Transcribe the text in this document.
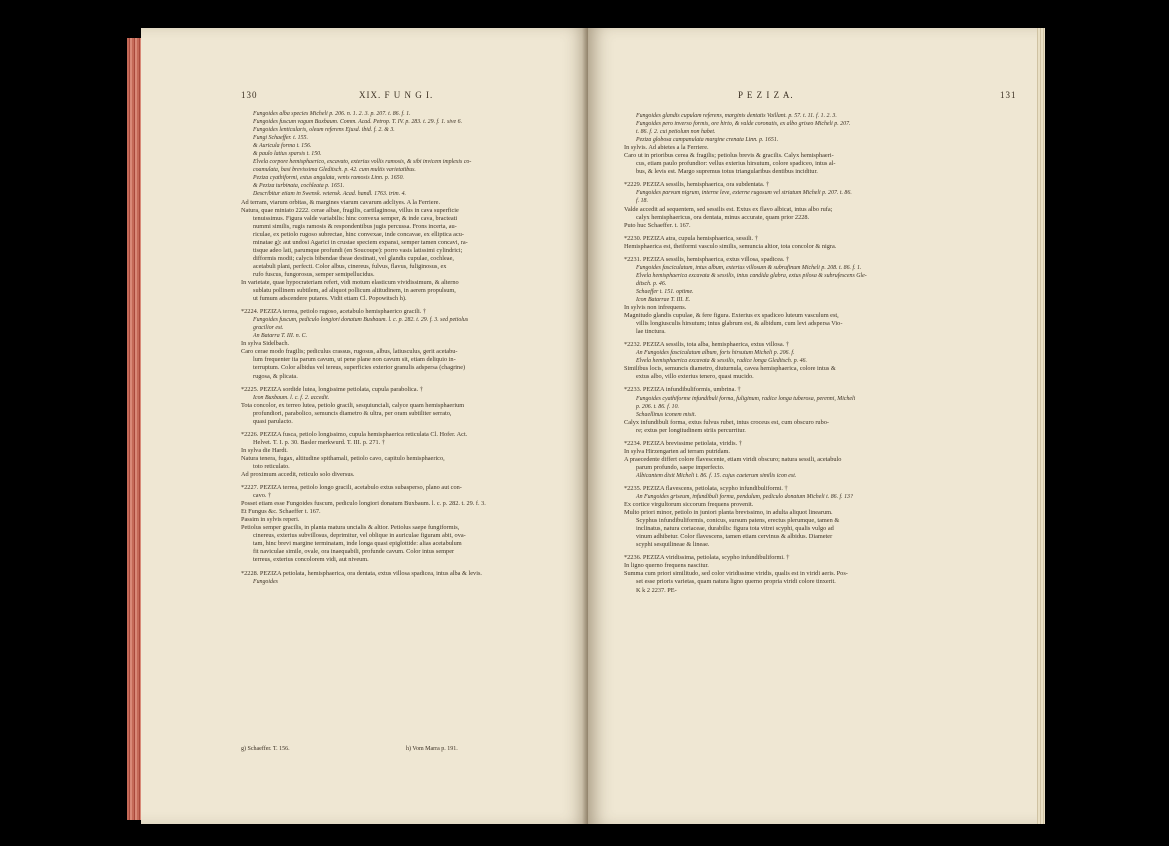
130	XIX. F U N G I.

Fungoides alba species Micheli p. 206. n. 1. 2. 3. p. 207. t. 86. f. 1.

Fungoides fuscum vagum Buxbaum. Comm. Acad. Petrop. T. IV. p. 283. t. 29. f. 1. sive 6.

Fungoides lenticularis, oleum referens Ejusd. ibid. f. 2. & 3.

Fungi Schaeffer. t. 155.

& Auricula forma t. 156.

& paulo latius sparsis t. 150.

Elvela corpore hemisphaerico, excavato, exterius vollis ramosis, & sibi invicem implexis co-

coamulata, basi brevissima Gleditsch. p. 42. cum multis varietatibus.

Peziza cyathiformi, extus angulata, venis ramosis Linn. p. 1650.

& Peziza turbinata, cochleata p. 1651.

Describitur etiam in Swensk. vetensk. Acad. handl. 1763. trim. 4.

Ad terram, viarum orbitas, & margines viarum cavarum adcliyes. A la Ferriere.

Natura, quae miniato 2222. cerae albae, fragilis, cartilaginosa, villus in cava superficie

tenuissimus. Figura valde variabilis: hinc convexa semper, & inde cava, bracteati

nummi similis, rugis ramosis & respondentibus jugis percussa. Frons incerta, au-

riculae, ex petiolo rugoso subrectae, hinc convexae, inde concavae, ex elliptica acu-

minatae g): aut undosi Agarici in crustae speciem expansi, semper tamen concavi, ra-

tisque adeo lati, parumque profundi (en Soucoupe): porro vasis latissimi cylindrici;

difformis modii; calycis bibendae theae destinati, vel glandis cupulae, cochleae,

acetabuli plani, perfecti. Color albus, cinereus, fulvus, flavus, fuliginosus, ex

rufo fuscus, fungorosus, semper semipellucidus.

In varietate, quae hypocrateriam refert, vidi motum elasticum vividissimum, & alterno

sublatu pollinem subtilem, ad aliquot pollicum altitudinem, in aerem propulsum,

ut fumum adscendere putares. Vidit etiam Cl. Popowitsch h).

*2224. PEZIZA terrea, petiolo rugoso, acetabulo hemisphaerico gracili. †

Fungoides fuscum, pediculo longiori donatum Buxbaum. l. c. p. 282. t. 29. f. 3. sed petiolus

gracilior est.

An Batarra T. III. n. C.

In sylva Sidelbach.

Caro cerae modo fragilis; pediculus crassus, rugosus, albus, latiusculus, gerit acetabu-

lum frequenter ita parum cavum, ut pene plane non cavum sit, etiam deliquio in-

terruptum. Color albidus vel tereus, superficies exterior granulis adspersa (chagrine)

rugosa, & plicata.

*2225. PEZIZA sordide lutea, longissime petiolata, cupula parabolica. †

Icon Buxbaum. l. c. f. 2. accedit.

Tota concolor, ex terreo lutea, petiolo gracili, sesquiunciali, calyce quam hemisphaerium

profundiori, parabolico, semuncis diametro & ultra, per oram subtiliter serrato,

quasi parulacto.

*2226. PEZIZA fusca, petiolo longissimo, cupula hemisphaerica reticulata Cl. Hofer. Act.

Helvet. T. I. p. 30. Basler merkwurd. T. III. p. 271. †

In sylva die Hardt.

Natura tenera, fugax, altitudine spithamali, petiolo cavo, capitulo hemisphaerico,

toto reticulato.

Ad proximum accedit, reticulo solo diversus.

*2227. PEZIZA terrea, petiolo longo gracili, acetabulo extus subasperso, plano aut con-

cavo. †

Posset etiam esse Fungoides fuscum, pediculo longiori donatum Buxbaum. l. c. p. 282. t. 29. f. 3.

Et Fungus &c. Schaeffer t. 167.

Passim in sylvis reperi.

Petiolus semper gracilis, in planta matura uncialis & altior. Petiolus saepe fungiformis,

cinereus, exterius subvillosus, deprimitur, vel oblique in auriculae figuram abit, ova-

tam, hinc brevi margine terminatam, inde longa quasi epiglottide: alias acetabulum

fit naviculae simile, ovale, ora inaequabili, profunde cavum. Color intus semper

terreus, exterius concolorem vidi, aut niveum.

*2228. PEZIZA petiolata, hemisphaerica, ora dentata, extus villosa spadicea, intus alba & levis.

Fungoides

g) Schaeffer. T. 156.	h) Vom Marra p. 191.
P E Z I Z A.	131

Fungoides glandis cupulam referens, marginis dentatis Vaillant. p. 57. t. 11. f. 1. 2. 3.

Fungoides pero inverso formis, ore hirto, & valde coronatis, ex albo griseo Micheli p. 207.

t. 86. f. 2. cui petiolum non habet.

Peziza globosa campanulata margine crenata Linn. p. 1651.

In sylvis. Ad abietes a la Ferriere.

Caro ut in prioribus cerea & fragilis; petiolus brevis & gracilis. Calyx hemisphaeri-

cus, etiam paulo profundior: vellus exterius hirsutum, colore spadiceo, intus al-

bus, & levis est. Margo supremus totus triangularibus dentibus inciditur.

*2229. PEZIZA sessilis, hemisphaerica, ora subdentata. †

Fungoides parvum nigrum, interne leve, externe rugosum vel striatum Micheli p. 207. t. 86.

f. 18.

Valde accedit ad sequentem, sed sessilis est. Extus ex flavo albicat, intus albo rufa;

calyx hemisphaericus, ora dentata, minus accurate, quam prior 2228.

Puto huc Schaeffer. t. 167.

*2230. PEZIZA atra, cupula hemisphaerica, sessili. †

Hemisphaerica est, theiformi vasculo similis, semuncia altior, tota concolor & nigra.

*2231. PEZIZA sessilis, hemisphaerica, extus villosa, spadicea. †

Fungoides fasciculatum, intus album, exterius villosum & subrufinum Micheli p. 208. t. 86. f. 1.

Elvela hemisphaerica excavata & sessilis, intus candida glabra, extus pilosa & subrufescens Gle-

ditsch. p. 46.

Schaeffer t. 151. optime.

Icon Batarrae T. III. E.

In sylvis non infrequens.

Magnitudo glandis cupulae, & fere figura. Exterius ex spadiceo luteum vasculum est,

villis longiusculis hirsutum; intus glabrum est, & albidum, cum levi adspersa Vio-

lae tinctura.

*2232. PEZIZA sessilis, tota alba, hemisphaerica, extus villosa. †

An Fungoides fasciculatum album, foris hirsutum Micheli p. 206. f.

Elvela hemisphaerica excavata & sessilis, radice longa Gleditsch. p. 46.

Similibus locis, semuncis diametro, diuturnula, cavea hemisphaerica, colore intus &

extus albo, villo exterius tenero, quasi mucido.

*2233. PEZIZA infundibuliformis, umbrina. †

Fungoides cyathiforme infundibuli forma, fuliginum, radice longa tuberosa, perenni, Micheli

p. 206. t. 86. f. 10.

Schaellinus iconem misit.

Calyx infundibuli forma, extus fulvus rubet, intus croceus est, cum obscuro rubo-

re; extus per longitudinem striis percurritur.

*2234. PEZIZA brevissime petiolata, viridis. †

In sylva Hirzengarten ad terram putridam.

A praecedente differt colore flavescente, etiam viridi obscuro; natura sessili, acetabulo

parum profundo, saepe imperfecto.

Albicantem dixit Micheli t. 86. f. 15. cujus caeterum similis icon est.

*2235. PEZIZA flavescens, petiolata, scypho infundibuliformi. †

An Fungoides griseum, infundibuli forma, pendulum, pediculo donatum Micheli t. 86. f. 13?

Ex cortice virgultorum siccorum frequens provenit.

Multo priori minor, petiolo in juniori planta brevissimo, in adulta aliquot linearum.

Scyphus infundibuliformis, conicus, sursum patens, erectus plerumque, tamen &

inclinatus, natura coriaceae, durabilis: figura tota vitrei scyphi, qualis vulgo ad

vinum adhibetur. Color flavescens, tamen etiam cervinus & albidus. Diameter

scyphi sesquilineae & lineae.

*2236. PEZIZA viridissima, petiolata, scypho infundibuliformi. †

In ligno quernо frequens nascitur.

Summa cum priori similitudo, sed color viridissime viridis, qualis est in viridi aeris. Pos-

set esse prioris varietas, quam natura ligno querno propria viridi colore tinxerit.

K k 2 2237. PE-
